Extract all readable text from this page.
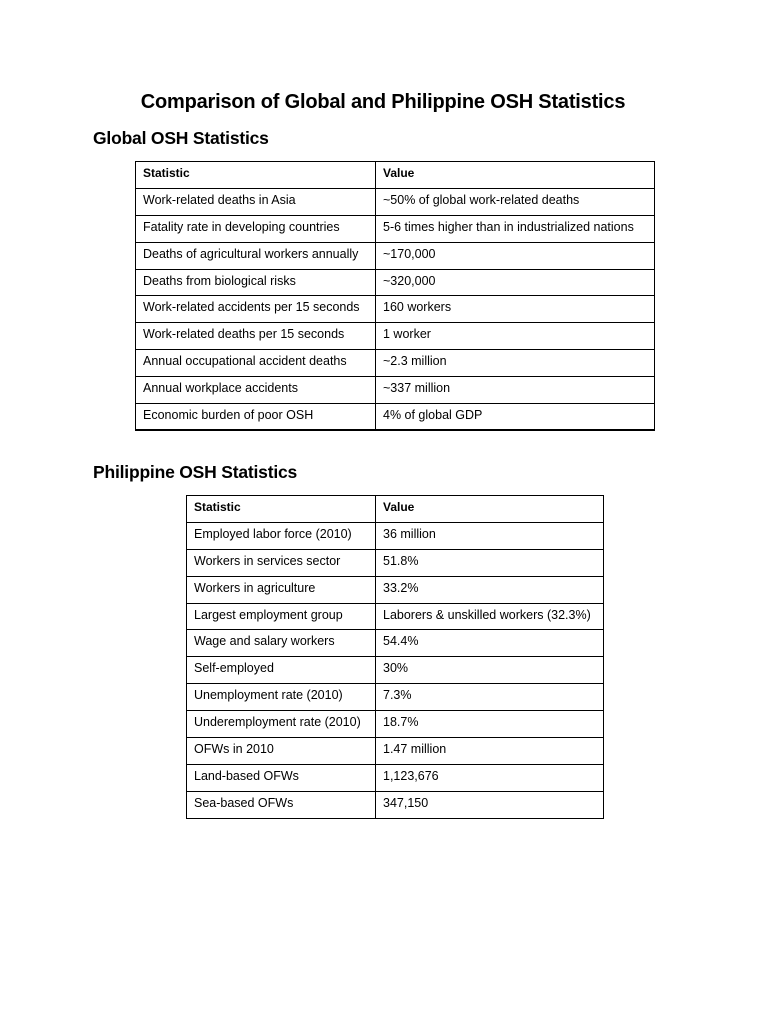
Comparison of Global and Philippine OSH Statistics
Global OSH Statistics
Statistic	Value

Work-related deaths in Asia	~50% of global work-related deaths

Fatality rate in developing countries	5-6 times higher than in industrialized nations

Deaths of agricultural workers annually	~170,000

Deaths from biological risks	~320,000

Work-related accidents per 15 seconds	160 workers

Work-related deaths per 15 seconds	1 worker

Annual occupational accident deaths	~2.3 million

Annual workplace accidents	~337 million

Economic burden of poor OSH	4% of global GDP
Philippine OSH Statistics
Statistic	Value

Employed labor force (2010)	36 million

Workers in services sector	51.8%

Workers in agriculture	33.2%

Largest employment group	Laborers & unskilled workers (32.3%)

Wage and salary workers	54.4%

Self-employed	30%

Unemployment rate (2010)	7.3%

Underemployment rate (2010)	18.7%

OFWs in 2010	1.47 million

Land-based OFWs	1,123,676

Sea-based OFWs	347,150
